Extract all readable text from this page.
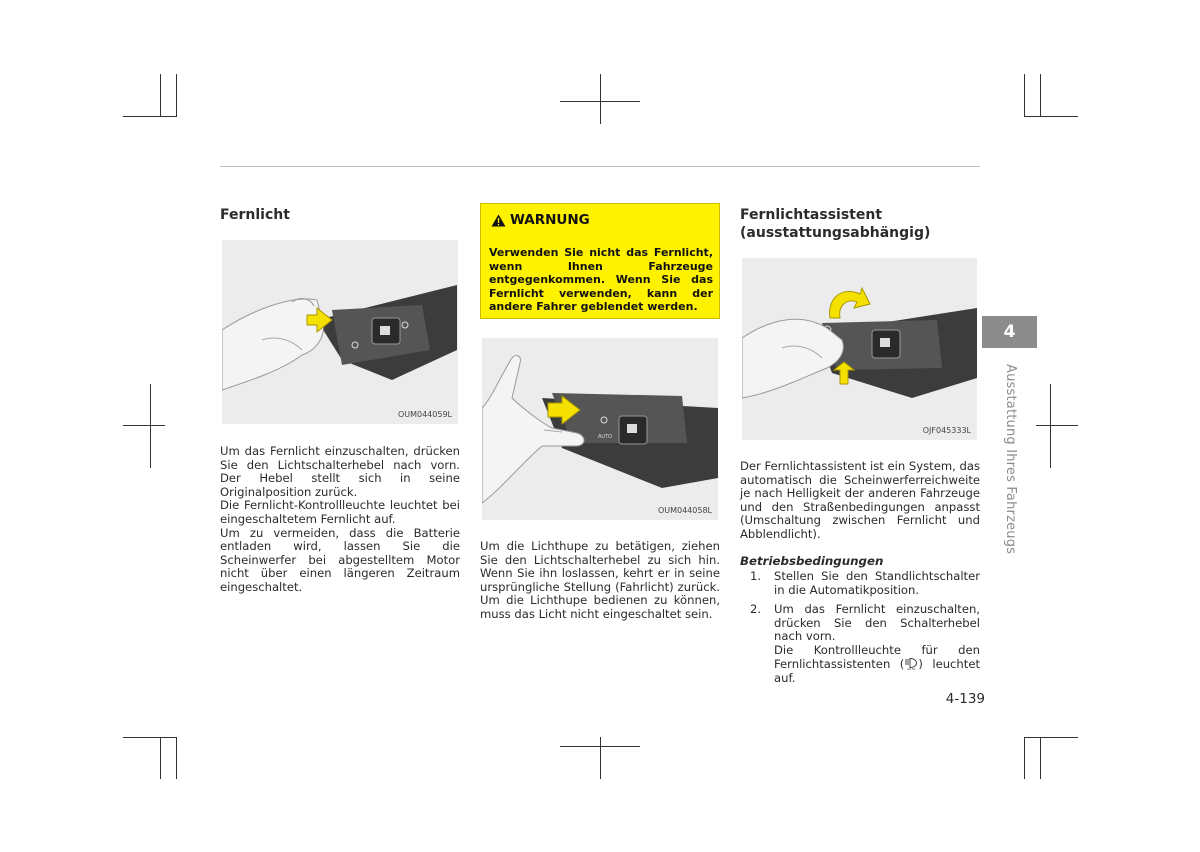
Fernlicht
OUM044059L

Um das Fernlicht einzuschalten, drücken Sie den Lichtschalterhebel nach vorn. Der Hebel stellt sich in seine Originalposition zurück.

Die Fernlicht-Kontrollleuchte leuchtet bei eingeschaltetem Fernlicht auf.

Um zu vermeiden, dass die Batterie entladen wird, lassen Sie die Scheinwerfer bei abgestelltem Motor nicht über einen längeren Zeitraum eingeschaltet.

WARNUNG
Verwenden Sie nicht das Fernlicht, wenn Ihnen Fahrzeuge entgegenkommen. Wenn Sie das Fernlicht verwenden, kann der andere Fahrer geblendet werden.
AUTO
OUM044058L

Um die Lichthupe zu betätigen, ziehen Sie den Lichtschalterhebel zu sich hin. Wenn Sie ihn loslassen, kehrt er in seine ursprüngliche Stellung (Fahrlicht) zurück. Um die Lichthupe bedienen zu können, muss das Licht nicht eingeschaltet sein.

Fernlichtassistent
(ausstattungsabhängig)
OJF045333L

Der Fernlichtassistent ist ein System, das automatisch die Scheinwerferreichweite je nach Helligkeit der anderen Fahrzeuge und den Straßenbedingungen anpasst (Umschaltung zwischen Fernlicht und Abblendlicht).

Betriebsbedingungen
1. Stellen Sie den Standlichtschalter in die Automatikposition.
2. Um das Fernlicht einzuschalten, drücken Sie den Schalterhebel nach vorn.
Die Kontrollleuchte für den Fernlichtassistenten ( AUTO ) leuchtet auf.
4
Ausstattung Ihres Fahrzeugs
4-139
